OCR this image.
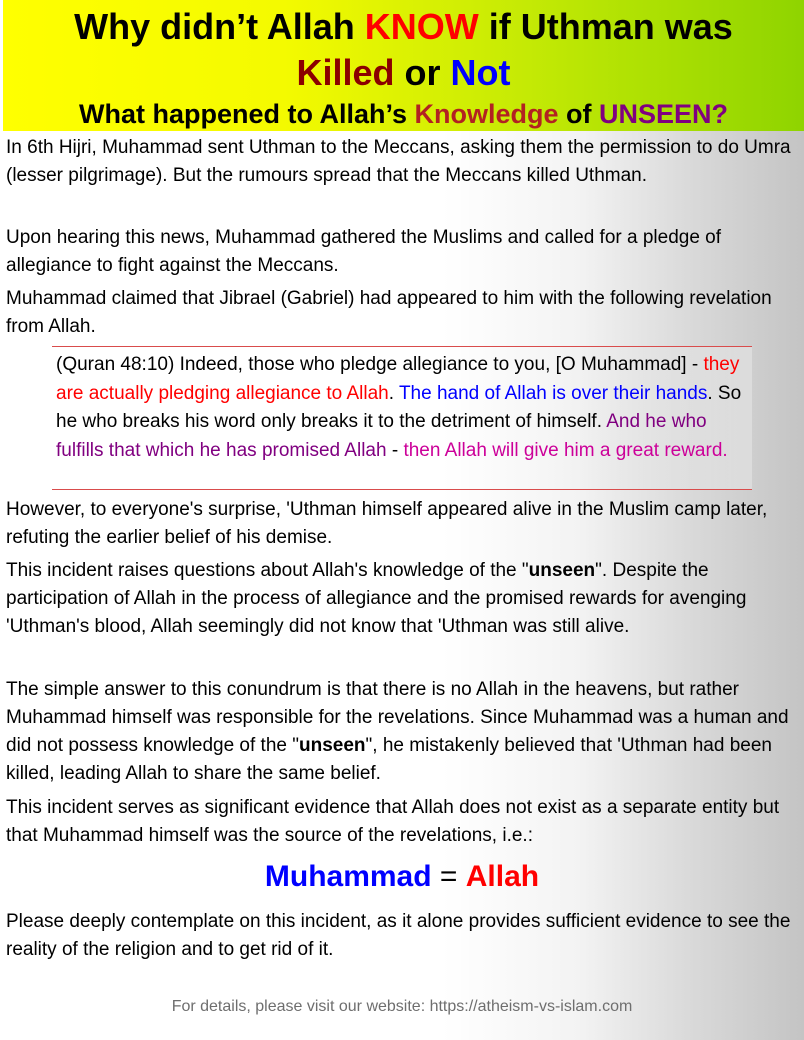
Why didn’t Allah KNOW if Uthman was
Killed or Not
What happened to Allah’s Knowledge of UNSEEN?

In 6th Hijri, Muhammad sent Uthman to the Meccans, asking them the permission to do Umra (lesser pilgrimage). But the rumours spread that the Meccans killed Uthman.

Upon hearing this news, Muhammad gathered the Muslims and called for a pledge of allegiance to fight against the Meccans.

Muhammad claimed that Jibrael (Gabriel) had appeared to him with the following revelation from Allah.

(Quran 48:10) Indeed, those who pledge allegiance to you, [O Muhammad] - they are actually pledging allegiance to Allah. The hand of Allah is over their hands. So he who breaks his word only breaks it to the detriment of himself. And he who fulfills that which he has promised Allah - then Allah will give him a great reward.

However, to everyone's surprise, 'Uthman himself appeared alive in the Muslim camp later, refuting the earlier belief of his demise.

This incident raises questions about Allah's knowledge of the "unseen". Despite the participation of Allah in the process of allegiance and the promised rewards for avenging 'Uthman's blood, Allah seemingly did not know that 'Uthman was still alive.

The simple answer to this conundrum is that there is no Allah in the heavens, but rather Muhammad himself was responsible for the revelations. Since Muhammad was a human and did not possess knowledge of the "unseen", he mistakenly believed that 'Uthman had been killed, leading Allah to share the same belief.

This incident serves as significant evidence that Allah does not exist as a separate entity but that Muhammad himself was the source of the revelations, i.e.:

Muhammad = Allah

Please deeply contemplate on this incident, as it alone provides sufficient evidence to see the reality of the religion and to get rid of it.

For details, please visit our website: https://atheism-vs-islam.com
